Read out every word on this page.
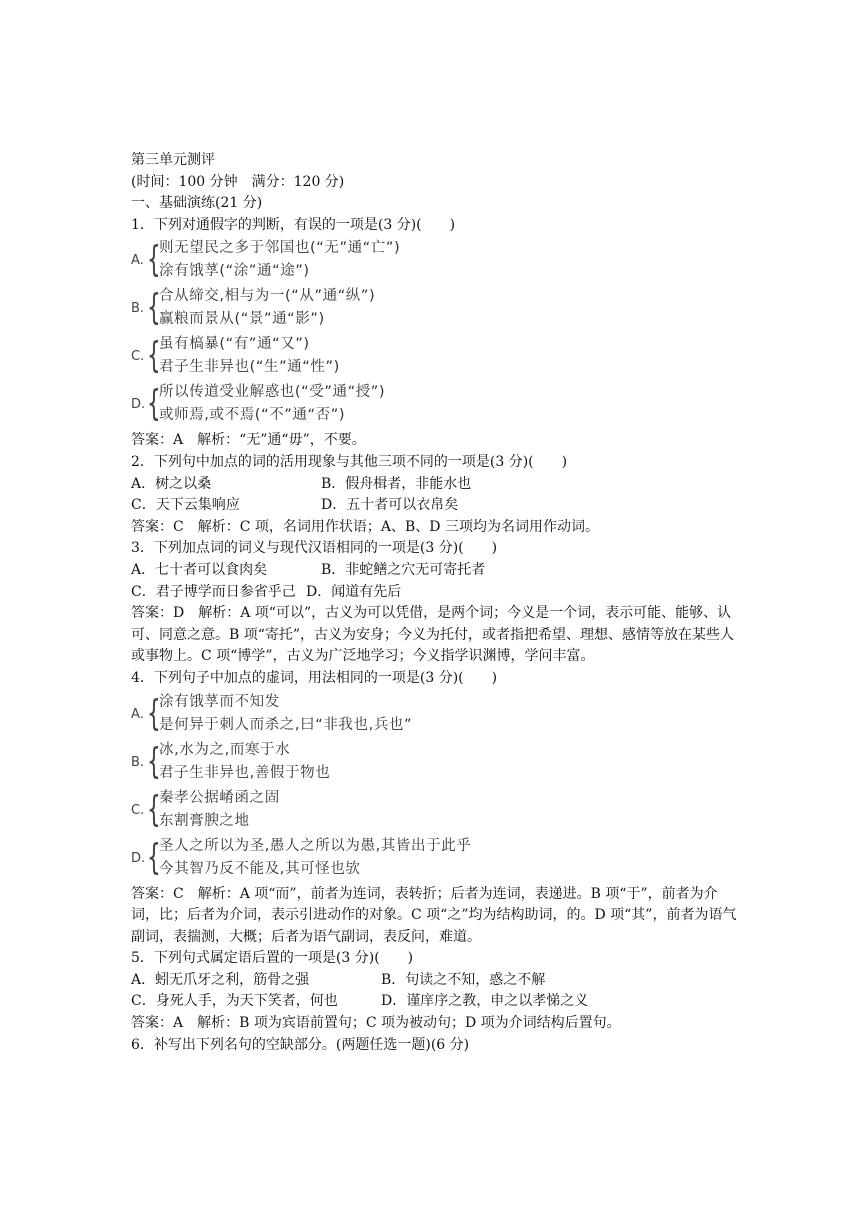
第三单元测评
(时间：100 分钟　满分：120 分)
一、基础演练(21 分)
1．下列对通假字的判断，有误的一项是(3 分)(　　)
A. {
则无望民之多于邻国也(“无”通“亡”)
涂有饿莩(“涂”通“途”)
B. {
合从缔交,相与为一(“从”通“纵”)
赢粮而景从(“景”通“影”)
C. {
虽有槁暴(“有”通“又”)
君子生非异也(“生”通“性”)
D. {
所以传道受业解惑也(“受”通“授”)
或师焉,或不焉(“不”通“否”)
答案：A　解析：“无”通“毋”，不要。
2．下列句中加点的词的活用现象与其他三项不同的一项是(3 分)(　　)
A．树之以桑	B．假舟楫者，非能水也
C．天下云集响应	D．五十者可以衣帛矣
答案：C　解析：C 项，名词用作状语；A、B、D 三项均为名词用作动词。
3．下列加点词的词义与现代汉语相同的一项是(3 分)(　　)
A．七十者可以食肉矣	B．非蛇鳝之穴无可寄托者
C．君子博学而日参省乎己 D．闻道有先后
答案：D　解析：A 项“可以”，古义为可以凭借，是两个词；今义是一个词，表示可能、能够、认可、同意之意。B 项“寄托”，古义为安身；今义为托付，或者指把希望、理想、感情等放在某些人或事物上。C 项“博学”，古义为广泛地学习；今义指学识渊博，学问丰富。
4．下列句子中加点的虚词，用法相同的一项是(3 分)(　　)
A. {
涂有饿莩而不知发
是何异于刺人而杀之,曰“非我也,兵也”
B. {
冰,水为之,而寒于水
君子生非异也,善假于物也
C. {
秦孝公据崤函之固
东割膏腴之地
D. {
圣人之所以为圣,愚人之所以为愚,其皆出于此乎
今其智乃反不能及,其可怪也欤
答案：C　解析：A 项“而”，前者为连词，表转折；后者为连词，表递进。B 项“于”，前者为介词，比；后者为介词，表示引进动作的对象。C 项“之”均为结构助词，的。D 项“其”，前者为语气副词，表揣测，大概；后者为语气副词，表反问，难道。
5．下列句式属定语后置的一项是(3 分)(　　)
A．蚓无爪牙之利，筋骨之强	B．句读之不知，惑之不解
C．身死人手，为天下笑者，何也	D．谨庠序之教，申之以孝悌之义
答案：A　解析：B 项为宾语前置句；C 项为被动句；D 项为介词结构后置句。
6．补写出下列名句的空缺部分。(两题任选一题)(6 分)
